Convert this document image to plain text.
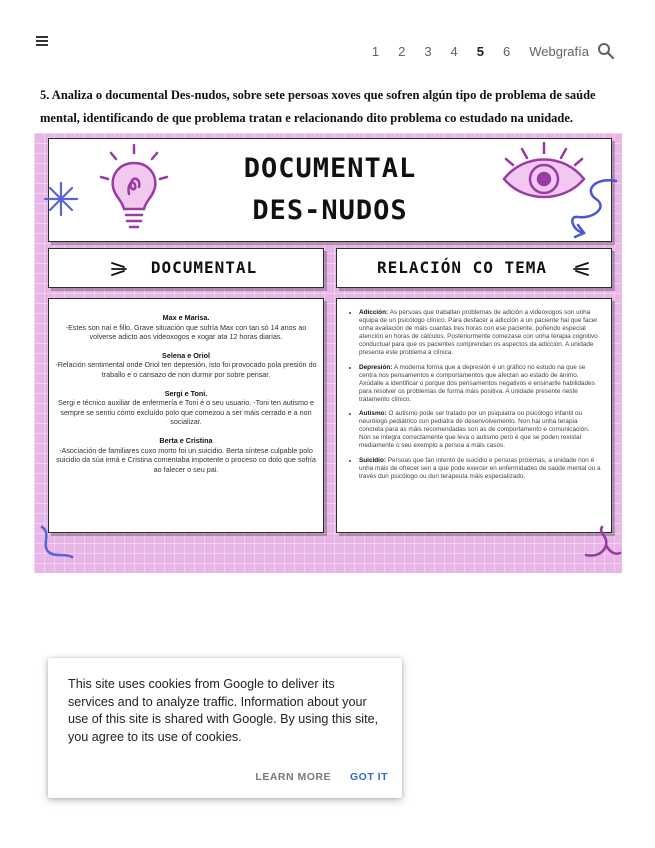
1 2 3 4 5 6 Webgrafía
5. Analiza o documental Des-nudos, sobre sete persoas xoves que sofren algún tipo de problema de saúde mental, identificando de que problema tratan e relacionando dito problema co estudado na unidade.
DOCUMENTAL
DES-NUDOS
DOCUMENTAL	RELACIÓN CO TEMA
Max e Marisa.
-Estes son nai e fillo. Grave situación que sufría Max con tan só 14 anos ao volverse adicto aos videoxogos e xogar ata 12 horas diarias.
Selena e Oriol
-Relación sentimental onde Oriol ten depresión, isto foi provocado pola presión do traballo e o cansazo de non durmir por sobre pensar.
Sergi e Toni.
Sergi e técnico auxiliar de enfermería e Toni é o seu usuario. -Toni ten autismo e sempre se sentiu cómo excluído polo que comezou a ser máis cerrado e a non socializar.
Berta e Cristina
-Asociación de familiares cuxo morto foi un suicidio. Berta síntese culpable polo suicidio da súa irmá e Cristina comentaba impotente o proceso co dolo que sofría ao falecer o seu pai.
• Adicción: As persoas que traballan problemas de adición a videoxogos son unha equipa de un psicólogo clínico. Para desfacer a adicción a un paciente hai que facer unha avaliación de máis cuantas tres horas con ese paciente, poñendo especial atención en horas de cálculos. Posteriormente comezase con unha terapia cognitivo conductual para que os pacientes comprendan os aspectos da adicción. A unidade presenta este problema a clínica.
• Depresión: A moderna forma que a depresión é un gráfico no estudo na que se centra nos pensamentos e comportamentos que afectan ao estado de ánimo. Axúdalle a identificar o porque dos pensamentos negativos e ensinarlle habilidades para resolver os problemas de forma máis positiva. A unidade presente neste tratamento clínico.
• Autismo: O autismo pode ser tratado por un psiquiatra ou psicólogo infantil ou neurólogo pediátrico cun pediatra de desenvolvemento. Non hai unha terapia concreta para as máis recomendadas son as de comportamento e comunicación. Non se integra correctamente que leva o autismo pero é que se poden rexistar mediamente o seu exemplo a persoa a máis casos.
• Suicidio: Persoas que fan intento de suicidio e persoas próximas, a unidade non é unha máis de ofrecer sen a que pode exercer en enfermidades de saúde mental ou a través dun psicólogo ou dun terapeuta máis especializado.
This site uses cookies from Google to deliver its services and to analyze traffic. Information about your use of this site is shared with Google. By using this site, you agree to its use of cookies.
LEARN MORE GOT IT
